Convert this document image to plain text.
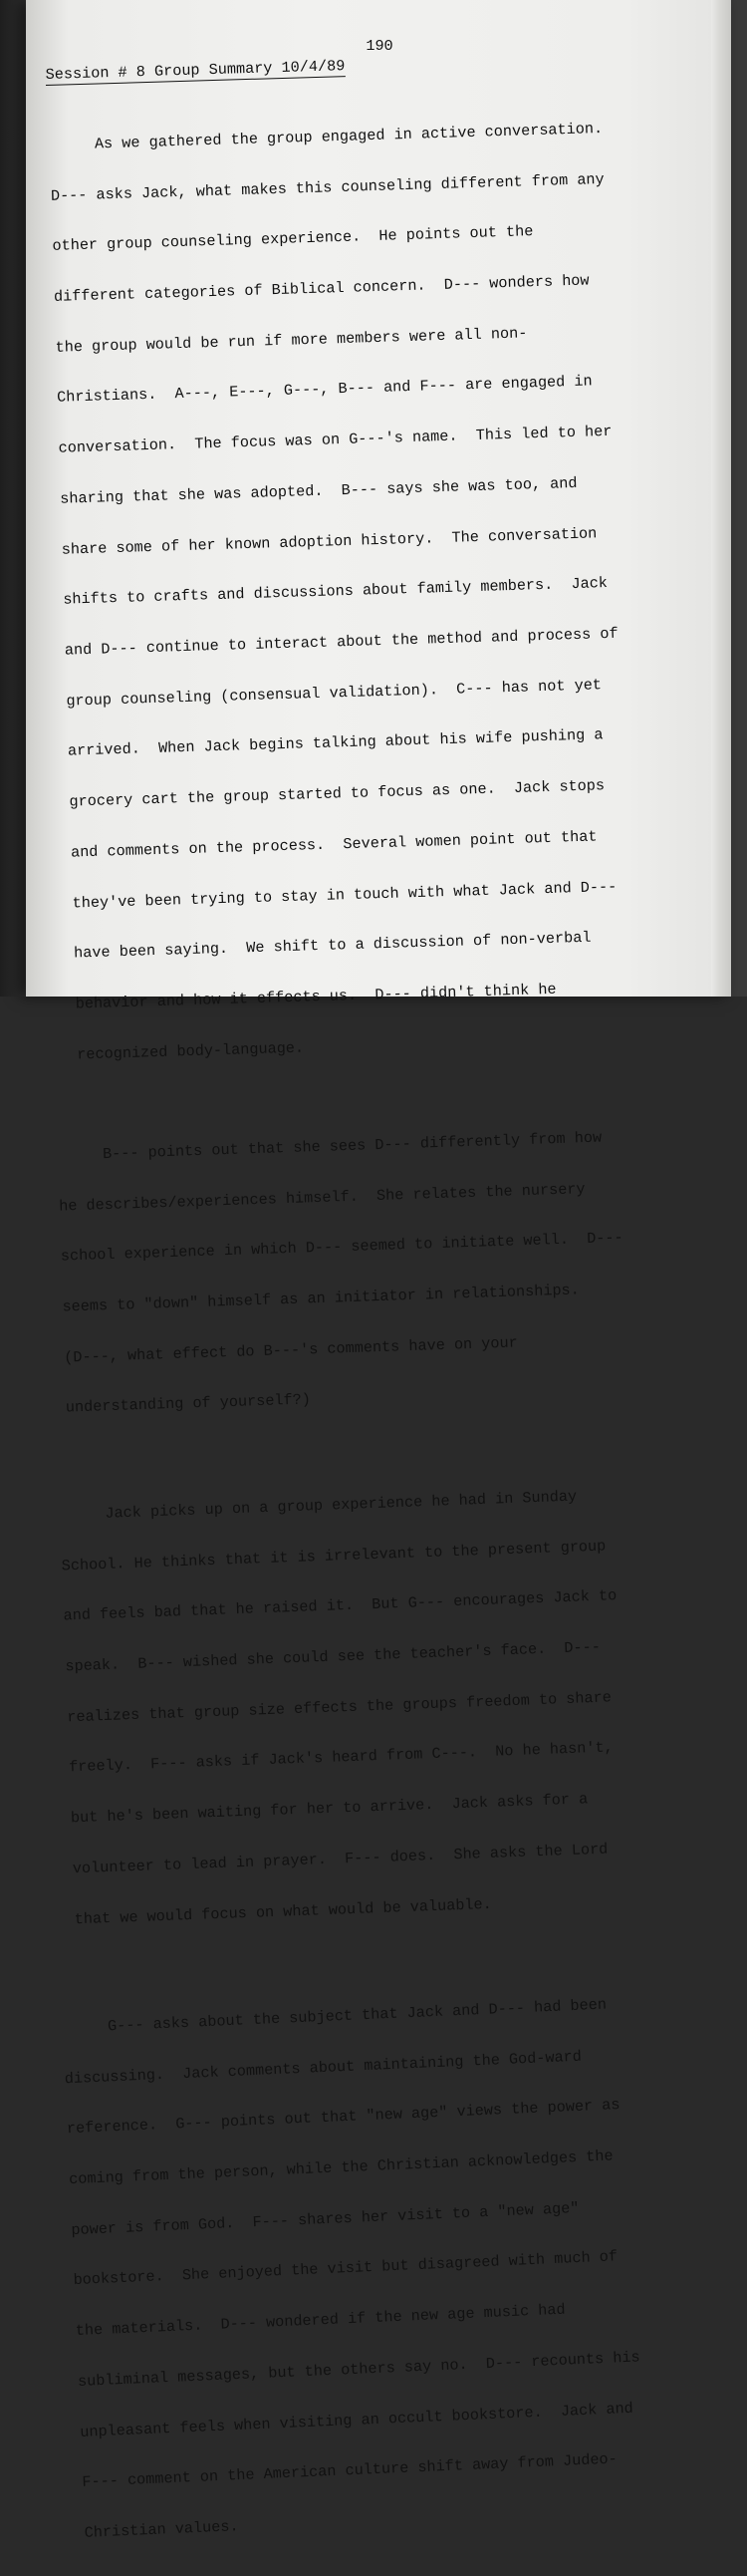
190
Session # 8 Group Summary 10/4/89

As we gathered the group engaged in active conversation.

D--- asks Jack, what makes this counseling different from any

other group counseling experience.  He points out the

different categories of Biblical concern.  D--- wonders how

the group would be run if more members were all non-

Christians.  A---, E---, G---, B--- and F--- are engaged in

conversation.  The focus was on G---'s name.  This led to her

sharing that she was adopted.  B--- says she was too, and

share some of her known adoption history.  The conversation

shifts to crafts and discussions about family members.  Jack

and D--- continue to interact about the method and process of

group counseling (consensual validation).  C--- has not yet

arrived.  When Jack begins talking about his wife pushing a

grocery cart the group started to focus as one.  Jack stops

and comments on the process.  Several women point out that

they've been trying to stay in touch with what Jack and D---

have been saying.  We shift to a discussion of non-verbal

behavior and how it effects us.  D--- didn't think he

recognized body-language.

B--- points out that she sees D--- differently from how

he describes/experiences himself.  She relates the nursery

school experience in which D--- seemed to initiate well.  D---

seems to "down" himself as an initiator in relationships.

(D---, what effect do B---'s comments have on your

understanding of yourself?)

Jack picks up on a group experience he had in Sunday

School. He thinks that it is irrelevant to the present group

and feels bad that he raised it.  But G--- encourages Jack to

speak.  B--- wished she could see the teacher's face.  D---

realizes that group size effects the groups freedom to share

freely.  F--- asks if Jack's heard from C---.  No he hasn't,

but he's been waiting for her to arrive.  Jack asks for a

volunteer to lead in prayer.  F--- does.  She asks the Lord

that we would focus on what would be valuable.

G--- asks about the subject that Jack and D--- had been

discussing.  Jack comments about maintaining the God-ward

reference.  G--- points out that "new age" views the power as

coming from the person, while the Christian acknowledges the

power is from God.  F--- shares her visit to a "new age"

bookstore.  She enjoyed the visit but disagreed with much of

the materials.  D--- wondered if the new age music had

subliminal messages, but the others say no.  D--- recounts his

unpleasant feels when visiting an occult bookstore.  Jack and

F--- comment on the American culture shift away from Judeo-

Christian values.
